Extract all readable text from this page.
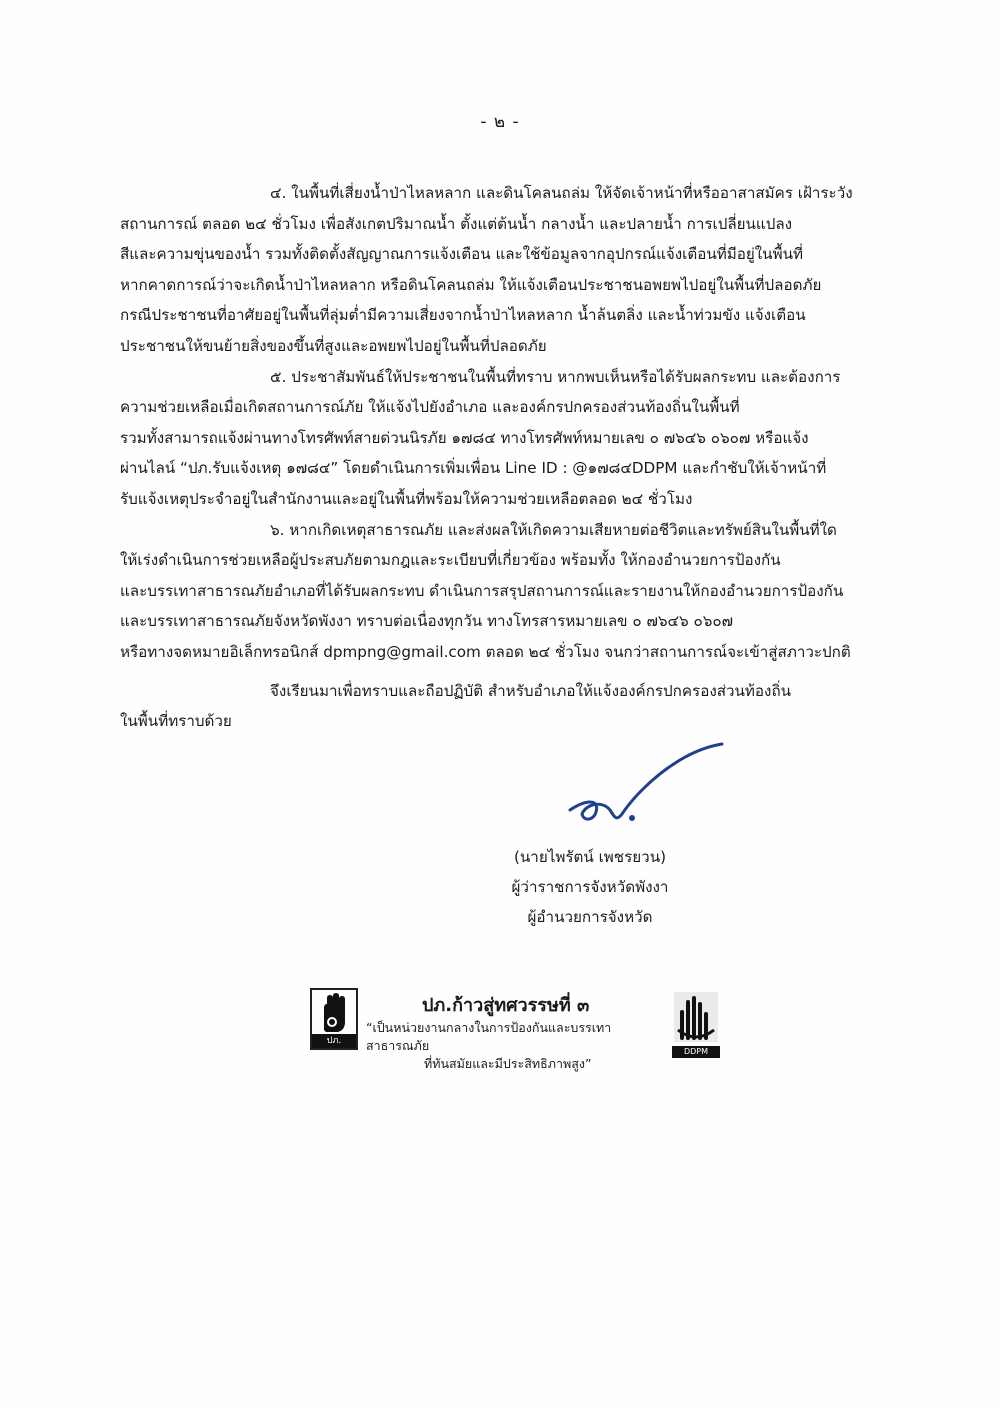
- ๒ -

๔. ในพื้นที่เสี่ยงน้ำป่าไหลหลาก และดินโคลนถล่ม ให้จัดเจ้าหน้าที่หรืออาสาสมัคร เฝ้าระวัง
สถานการณ์ ตลอด ๒๔ ชั่วโมง เพื่อสังเกตปริมาณน้ำ ตั้งแต่ต้นน้ำ กลางน้ำ และปลายน้ำ การเปลี่ยนแปลง
สีและความขุ่นของน้ำ รวมทั้งติดตั้งสัญญาณการแจ้งเตือน และใช้ข้อมูลจากอุปกรณ์แจ้งเตือนที่มีอยู่ในพื้นที่
หากคาดการณ์ว่าจะเกิดน้ำป่าไหลหลาก หรือดินโคลนถล่ม ให้แจ้งเตือนประชาชนอพยพไปอยู่ในพื้นที่ปลอดภัย
กรณีประชาชนที่อาศัยอยู่ในพื้นที่ลุ่มต่ำมีความเสี่ยงจากน้ำป่าไหลหลาก น้ำล้นตลิ่ง และน้ำท่วมขัง แจ้งเตือน
ประชาชนให้ขนย้ายสิ่งของขึ้นที่สูงและอพยพไปอยู่ในพื้นที่ปลอดภัย

๕. ประชาสัมพันธ์ให้ประชาชนในพื้นที่ทราบ หากพบเห็นหรือได้รับผลกระทบ และต้องการ
ความช่วยเหลือเมื่อเกิดสถานการณ์ภัย ให้แจ้งไปยังอำเภอ และองค์กรปกครองส่วนท้องถิ่นในพื้นที่
รวมทั้งสามารถแจ้งผ่านทางโทรศัพท์สายด่วนนิรภัย ๑๗๘๔ ทางโทรศัพท์หมายเลข ๐ ๗๖๔๖ ๐๖๐๗ หรือแจ้ง
ผ่านไลน์ “ปภ.รับแจ้งเหตุ ๑๗๘๔” โดยดำเนินการเพิ่มเพื่อน Line ID : @๑๗๘๔DDPM และกำชับให้เจ้าหน้าที่
รับแจ้งเหตุประจำอยู่ในสำนักงานและอยู่ในพื้นที่พร้อมให้ความช่วยเหลือตลอด ๒๔ ชั่วโมง

๖. หากเกิดเหตุสาธารณภัย และส่งผลให้เกิดความเสียหายต่อชีวิตและทรัพย์สินในพื้นที่ใด
ให้เร่งดำเนินการช่วยเหลือผู้ประสบภัยตามกฎและระเบียบที่เกี่ยวข้อง พร้อมทั้ง ให้กองอำนวยการป้องกัน
และบรรเทาสาธารณภัยอำเภอที่ได้รับผลกระทบ ดำเนินการสรุปสถานการณ์และรายงานให้กองอำนวยการป้องกัน
และบรรเทาสาธารณภัยจังหวัดพังงา ทราบต่อเนื่องทุกวัน ทางโทรสารหมายเลข ๐ ๗๖๔๖ ๐๖๐๗
หรือทางจดหมายอิเล็กทรอนิกส์ dpmpng@gmail.com ตลอด ๒๔ ชั่วโมง จนกว่าสถานการณ์จะเข้าสู่สภาวะปกติ

จึงเรียนมาเพื่อทราบและถือปฏิบัติ สำหรับอำเภอให้แจ้งองค์กรปกครองส่วนท้องถิ่น
ในพื้นที่ทราบด้วย

(นายไพรัตน์ เพชรยวน)
ผู้ว่าราชการจังหวัดพังงา
ผู้อำนวยการจังหวัด
ปภ.
ปภ.ก้าวสู่ทศวรรษที่ ๓
“เป็นหน่วยงานกลางในการป้องกันและบรรเทาสาธารณภัย
ที่ทันสมัยและมีประสิทธิภาพสูง”
DDPM
